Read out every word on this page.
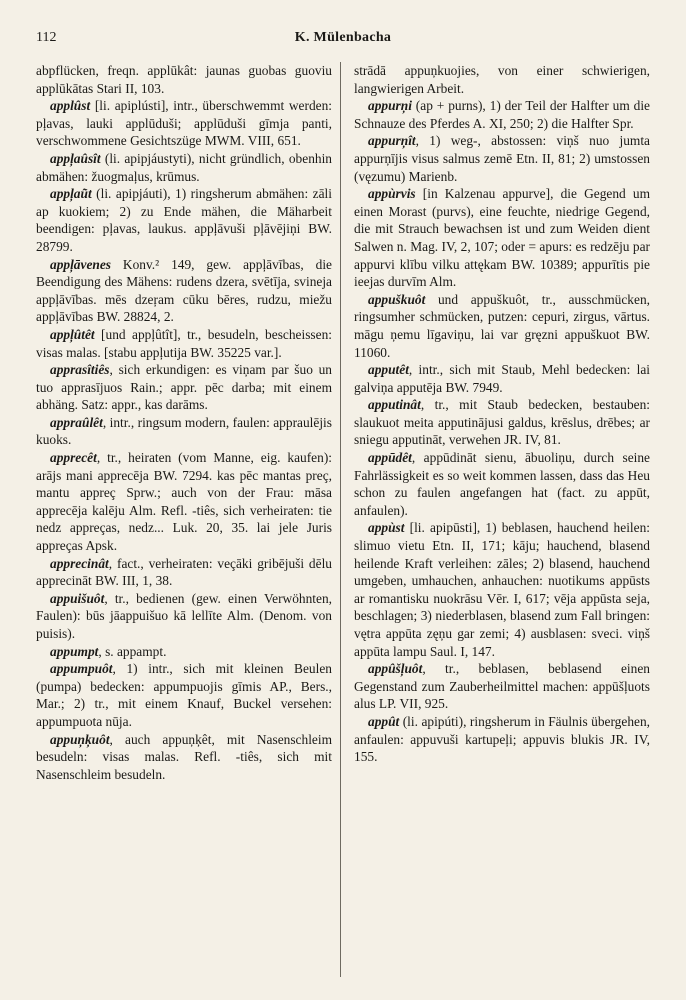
112	K. Mülenbacha

abpflücken, freqn. applūkât: jaunas guobas guoviu applūkātas Stari II, 103.

applûst [li. apiplústi], intr., überschwemmt werden: pļavas, lauki applūduši; applūduši gīmja panti, verschwommene Gesichtszüge MWM. VIII, 651.

appļaûsît (li. apipjáustyti), nicht gründlich, obenhin abmähen: žuogmaļus, krūmus.

appļaũt (li. apipjáuti), 1) ringsherum abmähen: zāli ap kuokiem; 2) zu Ende mähen, die Mäharbeit beendigen: pļavas, laukus. appļāvuši pļāvējiņi BW. 28799.

appļāvenes Konv.² 149, gew. appļāvības, die Beendigung des Mähens: rudens dzera, svētīja, svineja appļāvības. mēs dzeŗam cūku bēres, rudzu, miežu appļāvības BW. 28824, 2.

appļûtêt [und appļûtît], tr., besudeln, bescheissen: visas malas. [stabu appļutija BW. 35225 var.].

apprasîtiês, sich erkundigen: es viņam par šuo un tuo apprasījuos Rain.; appr. pēc darba; mit einem abhäng. Satz: appr., kas darāms.

appraûlêt, intr., ringsum modern, faulen: appraulējis kuoks.

apprecêt, tr., heiraten (vom Manne, eig. kaufen): arājs mani apprecēja BW. 7294. kas pēc mantas preç, mantu appreç Sprw.; auch von der Frau: māsa apprecēja kalēju Alm. Refl. -tiês, sich verheiraten: tie nedz appreças, nedz... Luk. 20, 35. lai jele Juris appreças Apsk.

apprecinât, fact., verheiraten: veçāki gribējuši dēlu apprecināt BW. III, 1, 38.

appuišuôt, tr., bedienen (gew. einen Verwöhnten, Faulen): būs jāappuišuo kā lellīte Alm. (Denom. von puisis).

appumpt, s. appampt.

appumpuôt, 1) intr., sich mit kleinen Beulen (pumpa) bedecken: appumpuojis gīmis AP., Bers., Mar.; 2) tr., mit einem Knauf, Buckel versehen: appumpuota nūja.

appuņķuôt, auch appuņķêt, mit Nasenschleim besudeln: visas malas. Refl. -tiês, sich mit Nasenschleim besudeln.

strādā appuņkuojies, von einer schwierigen, langwierigen Arbeit.

appurņi (ap + purns), 1) der Teil der Halfter um die Schnauze des Pferdes A. XI, 250; 2) die Halfter Spr.

appurņît, 1) weg-, abstossen: viņš nuo jumta appurņījis visus salmus zemē Etn. II, 81; 2) umstossen (vęzumu) Marienb.

appùrvis [in Kalzenau appurve], die Gegend um einen Morast (purvs), eine feuchte, niedrige Gegend, die mit Strauch bewachsen ist und zum Weiden dient Salwen n. Mag. IV, 2, 107; oder = apurs: es redzēju par appurvi klību vilku attękam BW. 10389; appurītis pie ieejas durvīm Alm.

appuškuôt und appuškuôt, tr., ausschmücken, ringsumher schmücken, putzen: cepuri, zirgus, vārtus. māgu ņemu līgaviņu, lai var gręzni appuškuot BW. 11060.

apputêt, intr., sich mit Staub, Mehl bedecken: lai galviņa apputēja BW. 7949.

apputinât, tr., mit Staub bedecken, bestauben: slaukuot meita apputinājusi galdus, krēslus, drēbes; ar sniegu apputināt, verwehen JR. IV, 81.

appūdêt, appūdināt sienu, ābuoliņu, durch seine Fahrlässigkeit es so weit kommen lassen, dass das Heu schon zu faulen angefangen hat (fact. zu appūt, anfaulen).

appùst [li. apipūsti], 1) beblasen, hauchend heilen: slimuo vietu Etn. II, 171; kāju; hauchend, blasend heilende Kraft verleihen: zāles; 2) blasend, hauchend umgeben, umhauchen, anhauchen: nuotikums appūsts ar romantisku nuokrāsu Vēr. I, 617; vēja appūsta seja, beschlagen; 3) niederblasen, blasend zum Fall bringen: vętra appūta zęņu gar zemi; 4) ausblasen: sveci. viņš appūta lampu Saul. I, 147.

appûšļuôt, tr., beblasen, beblasend einen Gegenstand zum Zauberheilmittel machen: appūšļuots alus LP. VII, 925.

appût (li. apipúti), ringsherum in Fäulnis übergehen, anfaulen: appuvuši kartupeļi; appuvis blukis JR. IV, 155.
